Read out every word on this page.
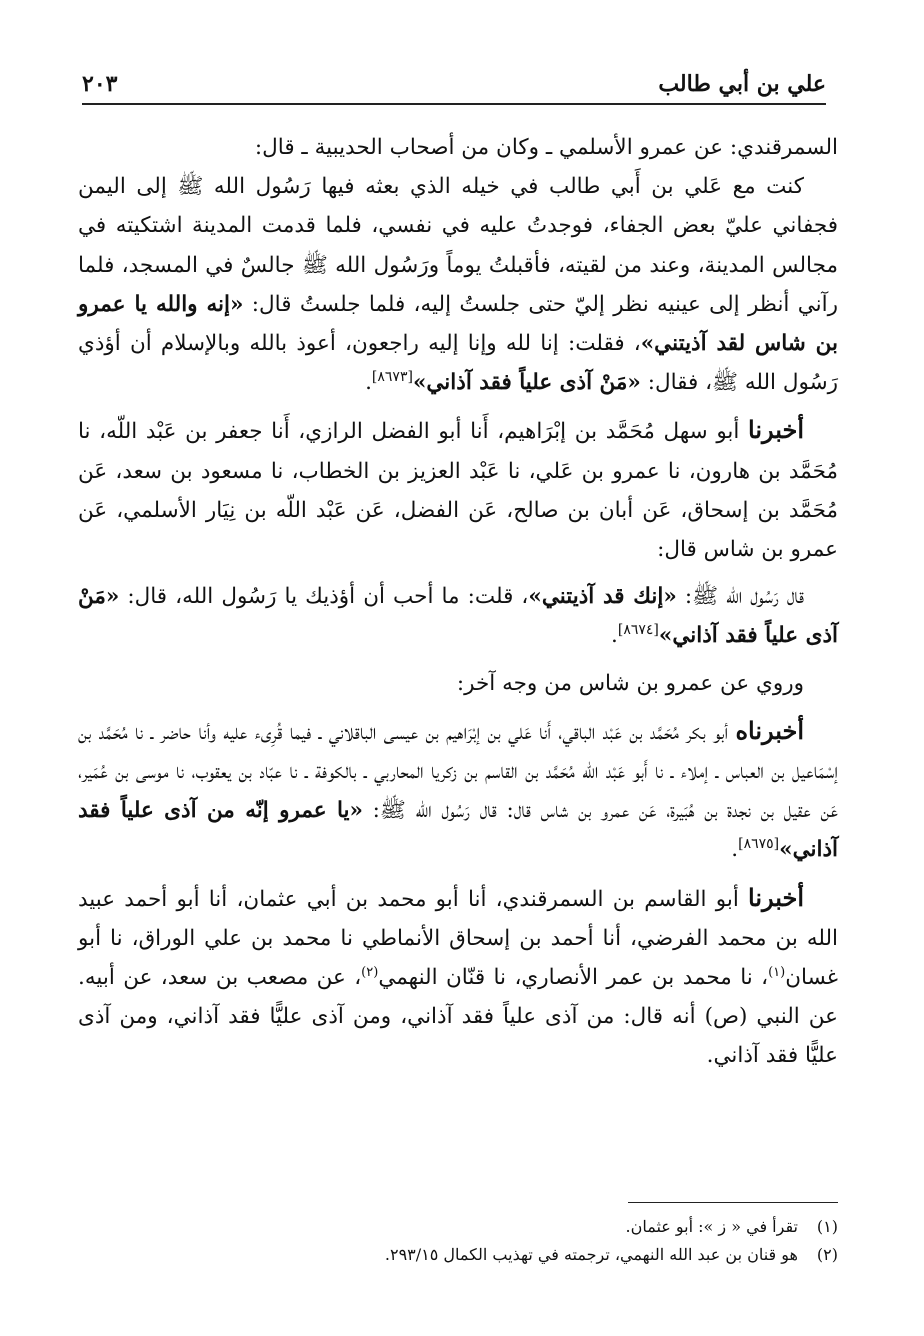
علي بن أبي طالب
٢٠٣

السمرقندي: عن عمرو الأسلمي ـ وكان من أصحاب الحديبية ـ قال:

كنت مع عَلي بن أَبي طالب في خيله الذي بعثه فيها رَسُول الله ﷺ إلى اليمن فجفاني عليّ بعض الجفاء، فوجدتُ عليه في نفسي، فلما قدمت المدينة اشتكيته في مجالس المدينة، وعند من لقيته، فأقبلتُ يوماً ورَسُول الله ﷺ جالسٌ في المسجد، فلما رآني أنظر إلى عينيه نظر إليّ حتى جلستُ إليه، فلما جلستُ قال: «إنه والله يا عمرو بن شاس لقد آذيتني»، فقلت: إنا لله وإنا إليه راجعون، أعوذ بالله وبالإسلام أن أؤذي رَسُول الله ﷺ، فقال: «مَنْ آذى علياً فقد آذاني»[٨٦٧٣].

أخبرنا أبو سهل مُحَمَّد بن إبْرَاهيم، أَنا أبو الفضل الرازي، أَنا جعفر بن عَبْد اللّه، نا مُحَمَّد بن هارون، نا عمرو بن عَلي، نا عَبْد العزيز بن الخطاب، نا مسعود بن سعد، عَن مُحَمَّد بن إسحاق، عَن أبان بن صالح، عَن الفضل، عَن عَبْد اللّه بن نِيَار الأسلمي، عَن عمرو بن شاس قال:

قال رَسُول الله ﷺ: «إنك قد آذيتني»، قلت: ما أحب أن أؤذيك يا رَسُول الله، قال: «مَنْ آذى علياً فقد آذاني»[٨٦٧٤].

وروي عن عمرو بن شاس من وجه آخر:

أخبرناه أبو بكر مُحَمَّد بن عَبْد الباقي، أَنا عَلي بن إبْرَاهيم بن عيسى الباقلاني ـ فيما قُرِىء عليه وأنا حاضر ـ نا مُحَمَّد بن إسْمَاعيل بن العباس ـ إملاء ـ نا أَبو عَبْد اللّه مُحَمَّد بن القاسم بن زكريا المحاربي ـ بالكوفة ـ نا عبّاد بن يعقوب، نا موسى بن عُمَير، عَن عقيل بن نجدة بن هُبَيرة، عَن عمرو بن شاس قال: قال رَسُول الله ﷺ: «يا عمرو إنّه من آذى علياً فقد آذاني»[٨٦٧٥].

أخبرنا أبو القاسم بن السمرقندي، أنا أبو محمد بن أبي عثمان، أنا أبو أحمد عبيد الله بن محمد الفرضي، أنا أحمد بن إسحاق الأنماطي نا محمد بن علي الوراق، نا أبو غسان$^{(١)}$، نا محمد بن عمر الأنصاري، نا قنّان النهمي$^{(٢)}$، عن مصعب بن سعد، عن أبيه. عن النبي (ص) أنه قال: من آذى علياً فقد آذاني، ومن آذى عليًّا فقد آذاني، ومن آذى عليًّا فقد آذاني.

(١)
تقرأ في « ز »: أبو عثمان.
(٢)
هو قنان بن عبد الله النهمي، ترجمته في تهذيب الكمال ٢٩٣/١٥.
